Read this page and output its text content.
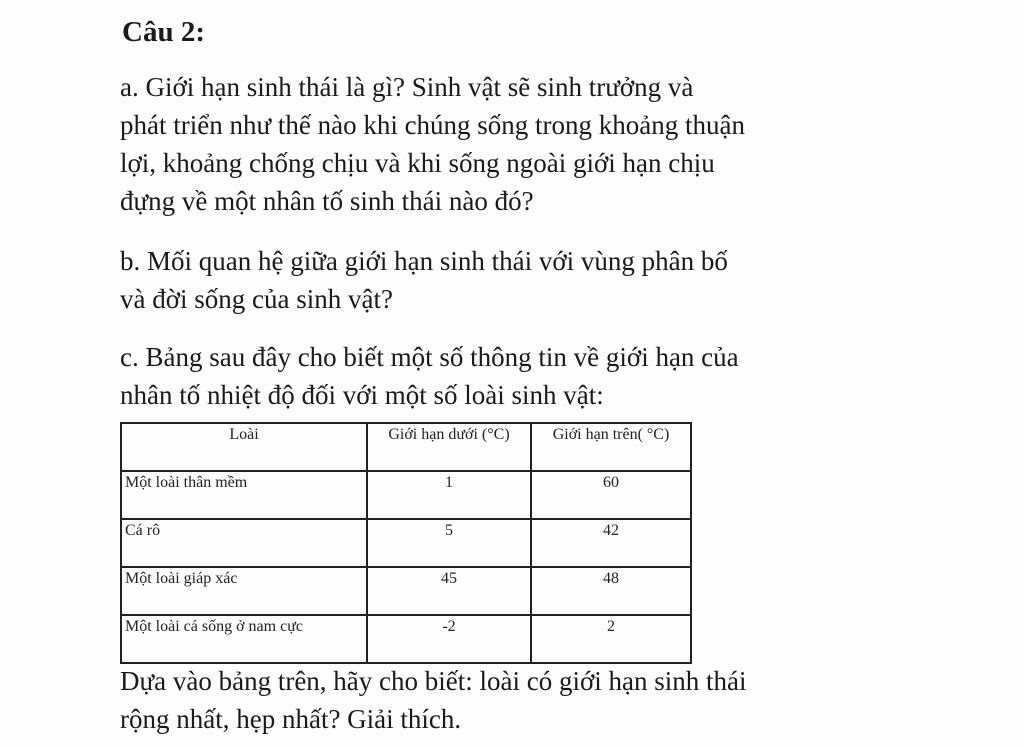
Câu 2:
a. Giới hạn sinh thái là gì? Sinh vật sẽ sinh trưởng và
phát triển như thế nào khi chúng sống trong khoảng thuận
lợi, khoảng chống chịu và khi sống ngoài giới hạn chịu
đựng về một nhân tố sinh thái nào đó?
b. Mối quan hệ giữa giới hạn sinh thái với vùng phân bố
và đời sống của sinh vật?
c. Bảng sau đây cho biết một số thông tin về giới hạn của
nhân tố nhiệt độ đối với một số loài sinh vật:
Loài	Giới hạn dưới (°C)	Giới hạn trên( °C)
Một loài thân mềm	1	60
Cá rô	5	42
Một loài giáp xác	45	48
Một loài cá sống ở nam cực	-2	2
Dựa vào bảng trên, hãy cho biết: loài có giới hạn sinh thái
rộng nhất, hẹp nhất? Giải thích.
